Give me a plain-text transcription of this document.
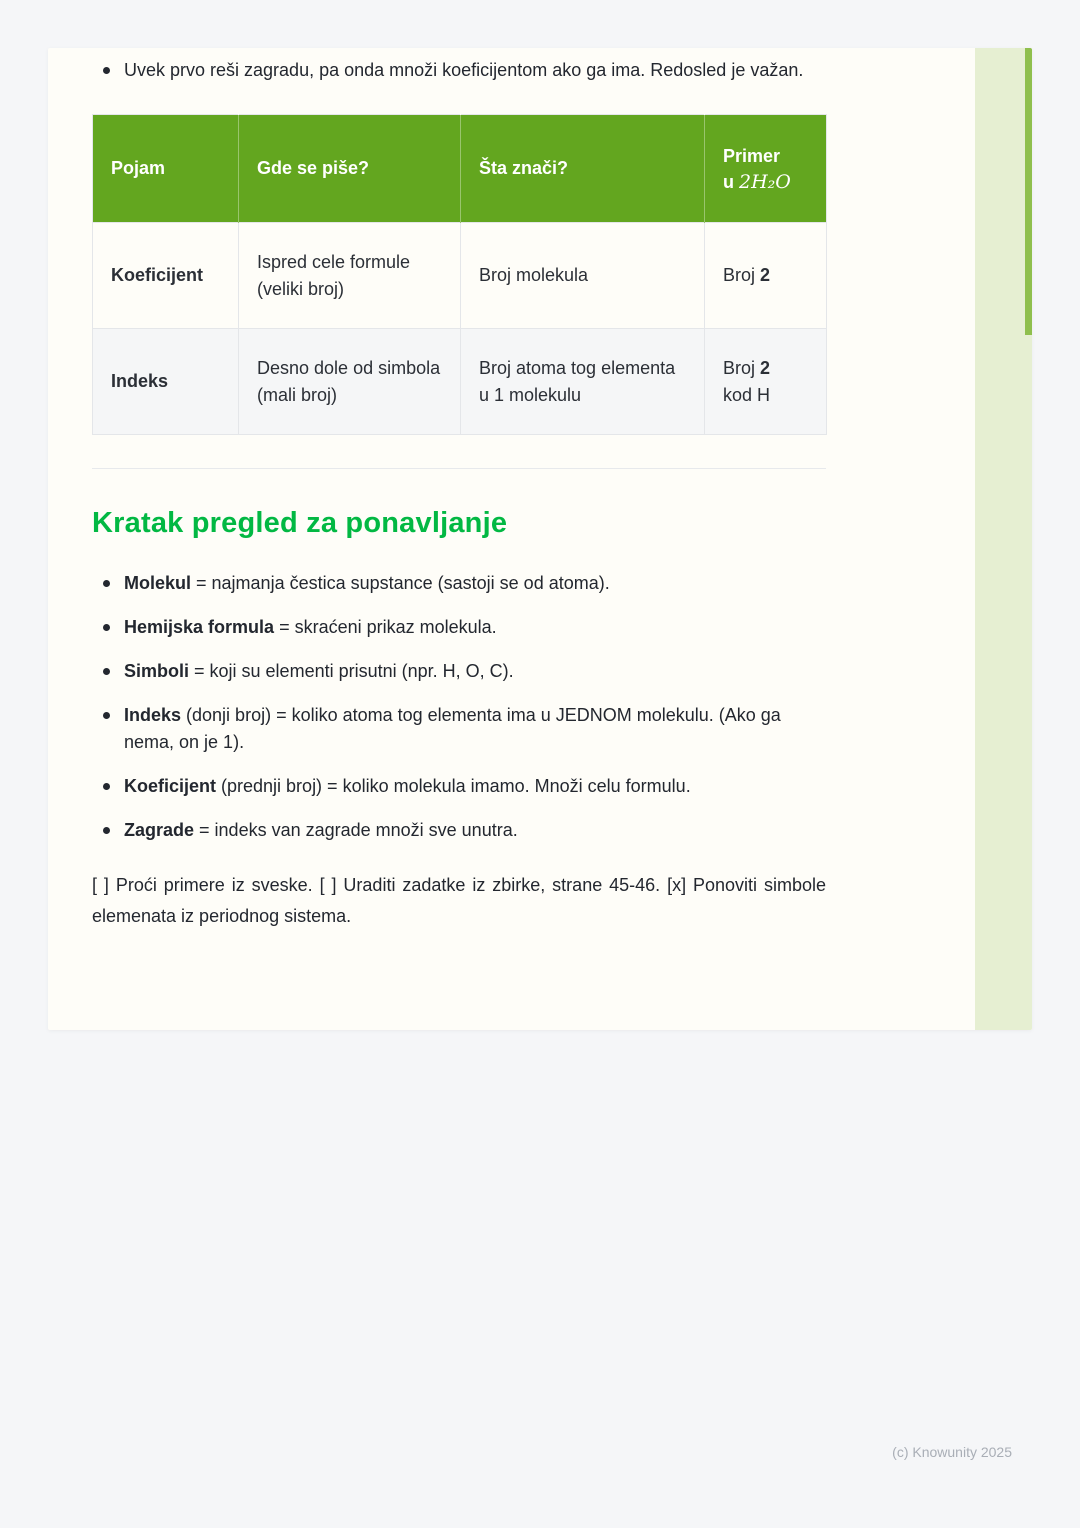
Uvek prvo reši zagradu, pa onda množi koeficijentom ako ga ima. Redosled je važan.

Pojam	Gde se piše?	Šta znači?	Primer
u 2H₂O

Koeficijent	Ispred cele formule (veliki broj)	Broj molekula	Broj 2

Indeks	Desno dole od simbola (mali broj)	Broj atoma tog elementa u 1 molekulu	Broj 2
kod H
Kratak pregled za ponavljanje

Molekul = najmanja čestica supstance (sastoji se od atoma).

Hemijska formula = skraćeni prikaz molekula.

Simboli = koji su elementi prisutni (npr. H, O, C).

Indeks (donji broj) = koliko atoma tog elementa ima u JEDNOM molekulu. (Ako ga nema, on je 1).

Koeficijent (prednji broj) = koliko molekula imamo. Množi celu formulu.

Zagrade = indeks van zagrade množi sve unutra.

[ ] Proći primere iz sveske. [ ] Uraditi zadatke iz zbirke, strane 45-46. [x] Ponoviti simbole elemenata iz periodnog sistema.

(c) Knowunity 2025
